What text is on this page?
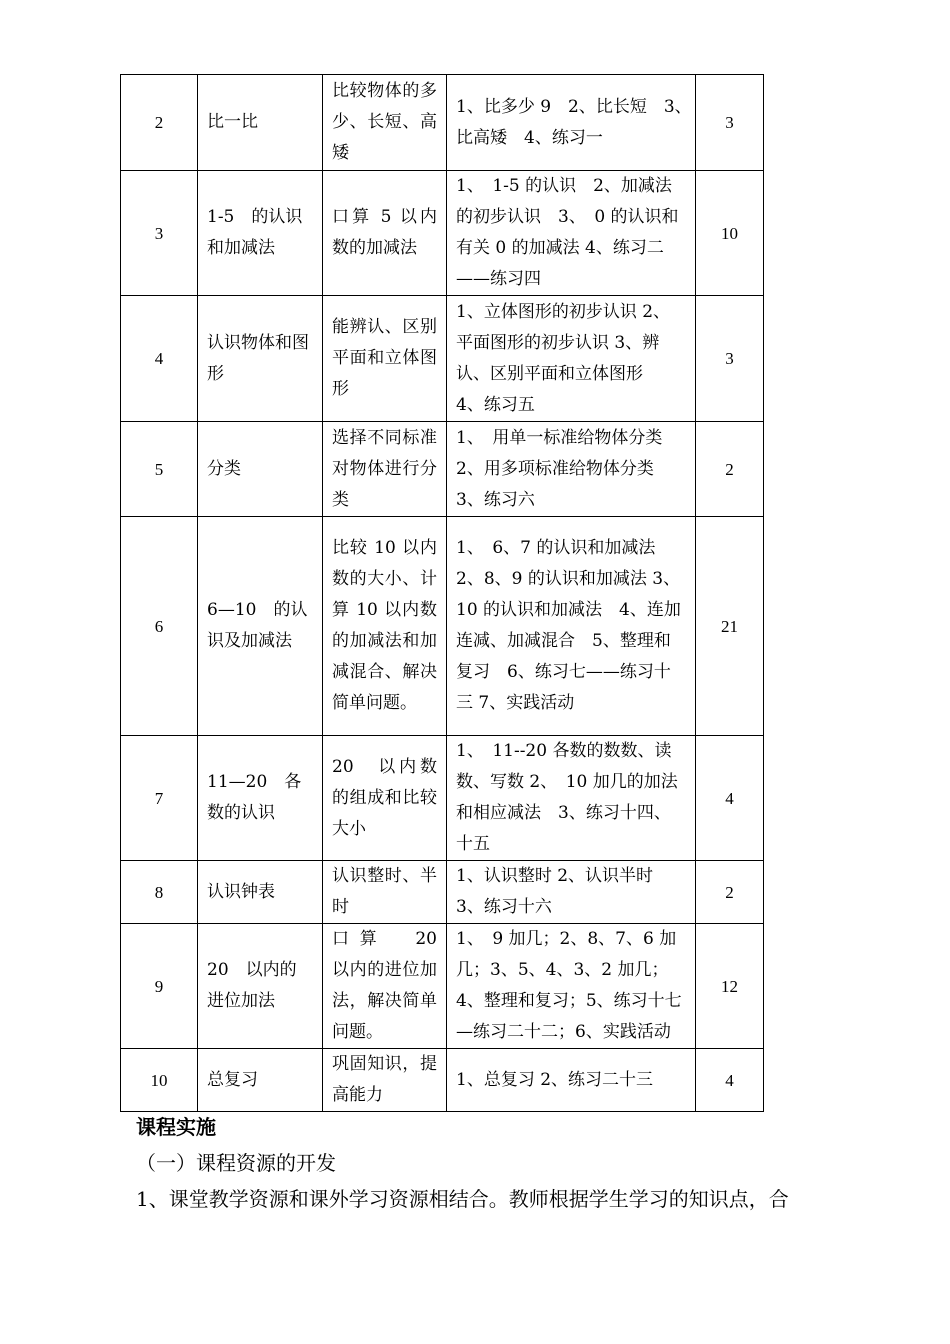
2	比一比	比较物体的多少、长短、高矮	1、比多少 9　2、比长短　3、　比高矮　4、练习一	3
3	1-5　的认识和加减法	口算 5 以内数的加减法	1、　1-5 的认识　2、加减法的初步认识　3、　0 的认识和有关 0 的加减法 4、练习二——练习四	10
4	认识物体和图形	能辨认、区别平面和立体图形	1、立体图形的初步认识 2、平面图形的初步认识 3、辨认、区别平面和立体图形　4、练习五	3
5	分类	选择不同标准对物体进行分类	1、　用单一标准给物体分类 2、用多项标准给物体分类 3、练习六	2
6	6—10　的认识及加减法	比较 10 以内数的大小、计算 10 以内数的加减法和加减混合、解决简单问题。	1、　6、7 的认识和加减法 2、8、9 的认识和加减法 3、10 的认识和加减法　4、连加连减、加减混合　5、整理和复习　6、练习七——练习十三 7、实践活动	21
7	11—20　各数的认识	20　以内数的组成和比较大小	1、　11--20 各数的数数、读数、写数 2、　10 加几的加法和相应减法　3、练习十四、十五	4
8	认识钟表	认识整时、半时	1、认识整时 2、认识半时　3、练习十六	2
9	20　以内的进位加法	口算　20　以内的进位加法，解决简单问题。	1、　9 加几；2、8、7、6 加几；3、5、4、3、2 加几；4、整理和复习；5、练习十七—练习二十二；6、实践活动	12
10	总复习	巩固知识，提高能力	1、总复习 2、练习二十三	4
课程实施
（一）课程资源的开发
1、课堂教学资源和课外学习资源相结合。教师根据学生学习的知识点，合
